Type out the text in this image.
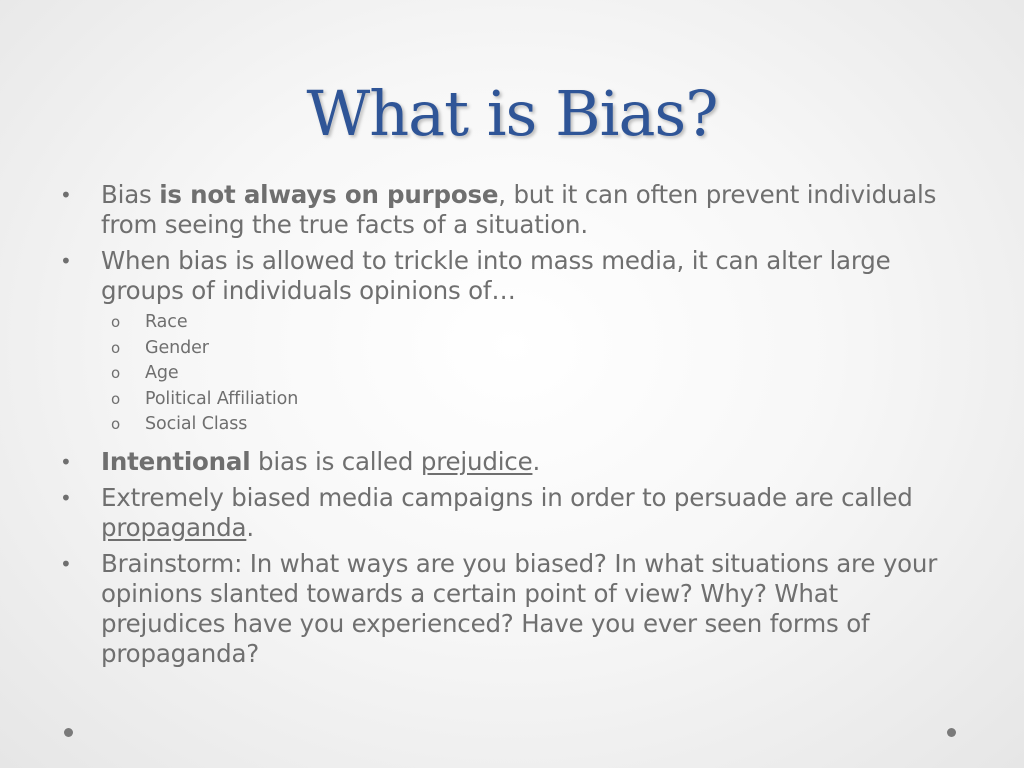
What is Bias?
• Bias is not always on purpose, but it can often prevent individuals from seeing the true facts of a situation.
• When bias is allowed to trickle into mass media, it can alter large groups of individuals opinions of…
o Race
o Gender
o Age
o Political Affiliation
o Social Class
• Intentional bias is called prejudice.
• Extremely biased media campaigns in order to persuade are called propaganda.
• Brainstorm: In what ways are you biased? In what situations are your opinions slanted towards a certain point of view? Why? What prejudices have you experienced? Have you ever seen forms of propaganda?
